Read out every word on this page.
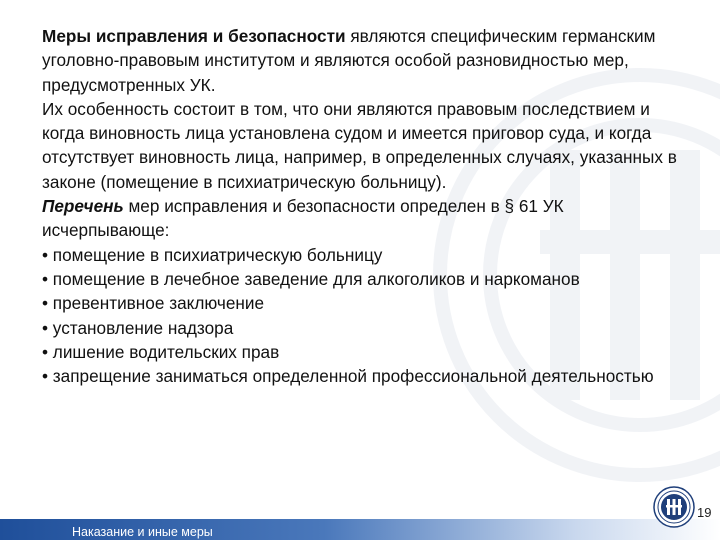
Меры исправления и безопасности являются специфическим германским уголовно-правовым институтом и являются особой разновидностью мер, предусмотренных УК.

Их особенность состоит в том, что они являются правовым последствием и когда виновность лица установлена судом и имеется приговор суда, и когда отсутствует виновность лица, например, в определенных случаях, указанных в законе (помещение в психиатрическую больницу).

Перечень мер исправления и безопасности определен в § 61 УК исчерпывающе:

• помещение в психиатрическую больницу

• помещение в лечебное заведение для алкоголиков и наркоманов

• превентивное заключение

• установление надзора

• лишение водительских прав

• запрещение заниматься определенной профессиональной деятельностью

Наказание и иные меры
19
